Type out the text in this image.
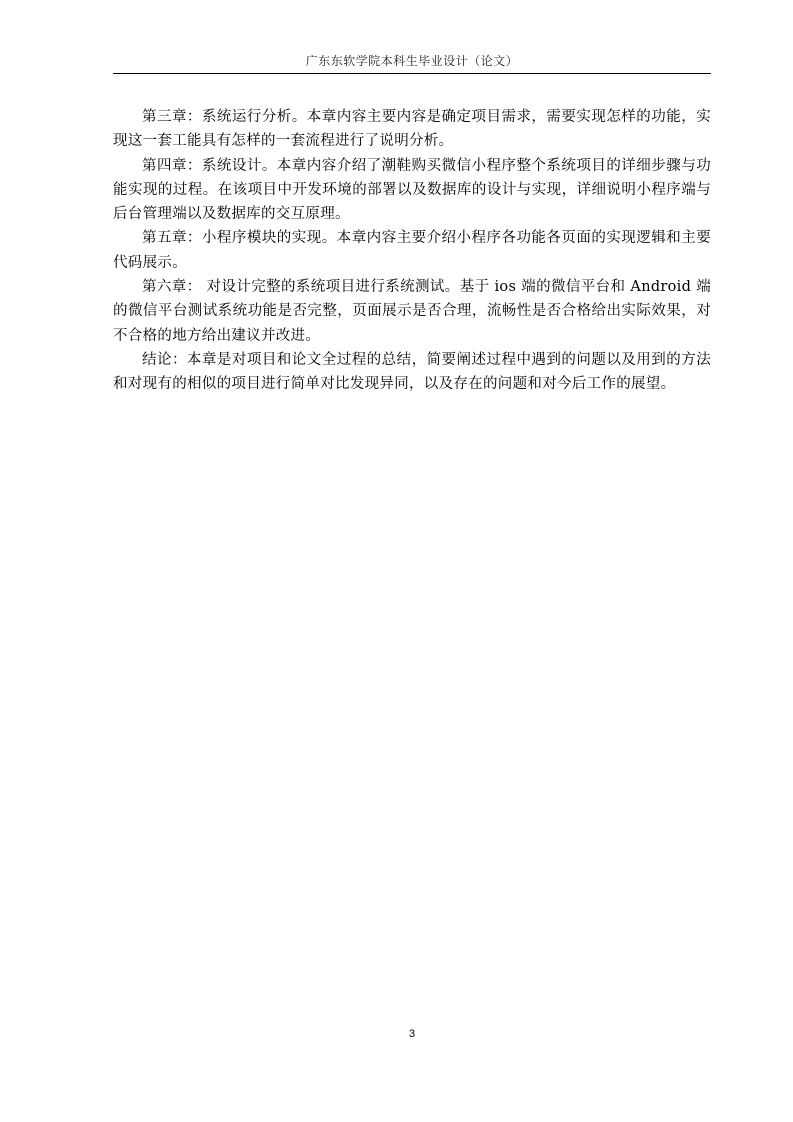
广东东软学院本科生毕业设计（论文）

第三章：系统运行分析。本章内容主要内容是确定项目需求，需要实现怎样的功能，实现这一套工能具有怎样的一套流程进行了说明分析。

第四章：系统设计。本章内容介绍了潮鞋购买微信小程序整个系统项目的详细步骤与功能实现的过程。在该项目中开发环境的部署以及数据库的设计与实现，详细说明小程序端与后台管理端以及数据库的交互原理。

第五章：小程序模块的实现。本章内容主要介绍小程序各功能各页面的实现逻辑和主要代码展示。

第六章： 对设计完整的系统项目进行系统测试。基于 ios 端的微信平台和 Android 端的微信平台测试系统功能是否完整，页面展示是否合理，流畅性是否合格给出实际效果，对不合格的地方给出建议并改进。

结论：本章是对项目和论文全过程的总结，简要阐述过程中遇到的问题以及用到的方法和对现有的相似的项目进行简单对比发现异同，以及存在的问题和对今后工作的展望。

3
